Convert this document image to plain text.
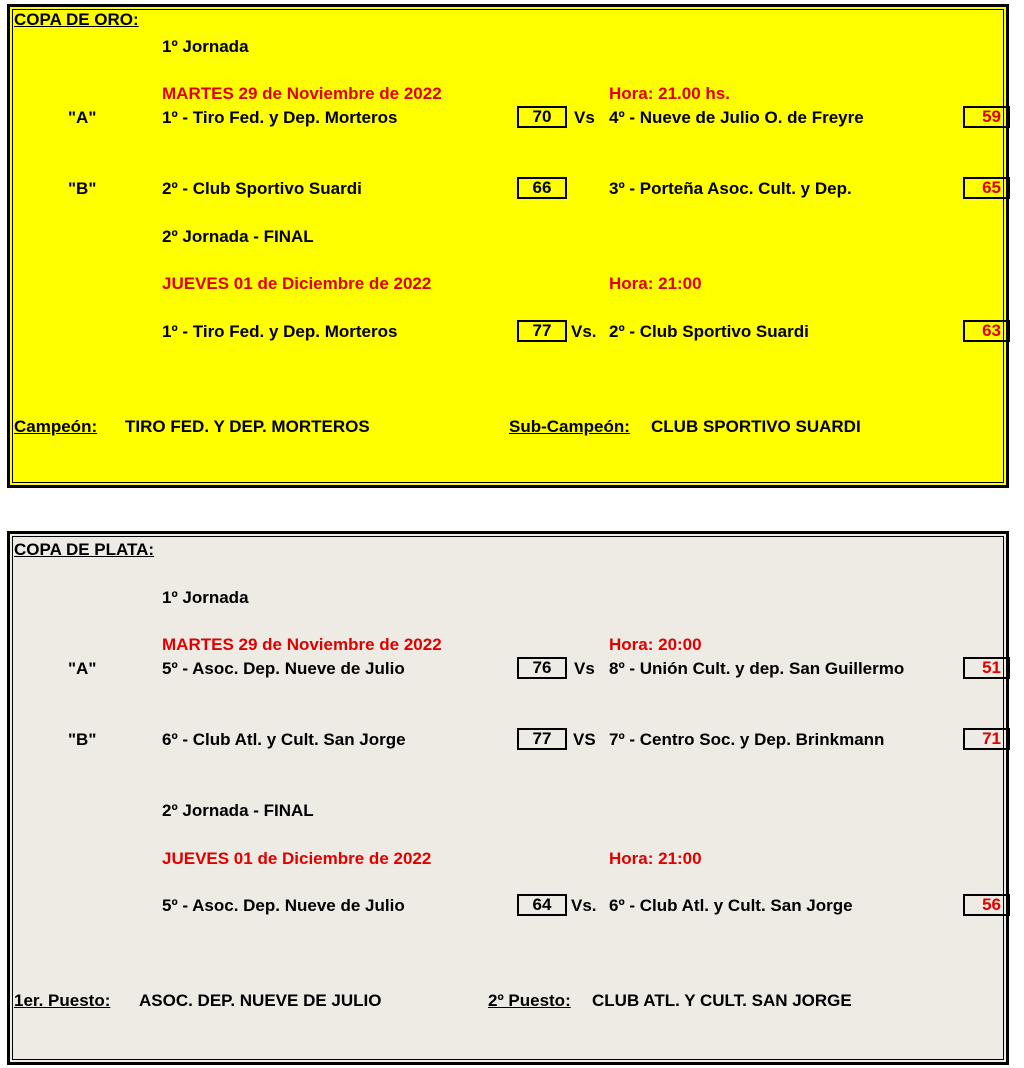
COPA DE ORO:
1º Jornada
MARTES 29 de Noviembre de 2022	Hora: 21.00 hs.
"A"	1º - Tiro Fed. y Dep. Morteros	70	Vs 4º - Nueve de Julio O. de Freyre	59
"B"	2º - Club Sportivo Suardi	66	3º - Porteña Asoc. Cult. y Dep.	65
2º Jornada - FINAL
JUEVES 01 de Diciembre de 2022	Hora: 21:00
1º - Tiro Fed. y Dep. Morteros	77	Vs. 2º - Club Sportivo Suardi	63
Campeón: TIRO FED. Y DEP. MORTEROS	Sub-Campeón: CLUB SPORTIVO SUARDI
COPA DE PLATA:
1º Jornada
MARTES 29 de Noviembre de 2022	Hora: 20:00
"A"	5º - Asoc. Dep. Nueve de Julio	76	Vs 8º - Unión Cult. y dep. San Guillermo	51
"B"	6º - Club Atl. y Cult. San Jorge	77	VS 7º - Centro Soc. y Dep. Brinkmann	71
2º Jornada - FINAL
JUEVES 01 de Diciembre de 2022	Hora: 21:00
5º - Asoc. Dep. Nueve de Julio	64	Vs. 6º - Club Atl. y Cult. San Jorge	56
1er. Puesto: ASOC. DEP. NUEVE DE JULIO	2º Puesto: CLUB ATL. Y CULT. SAN JORGE
